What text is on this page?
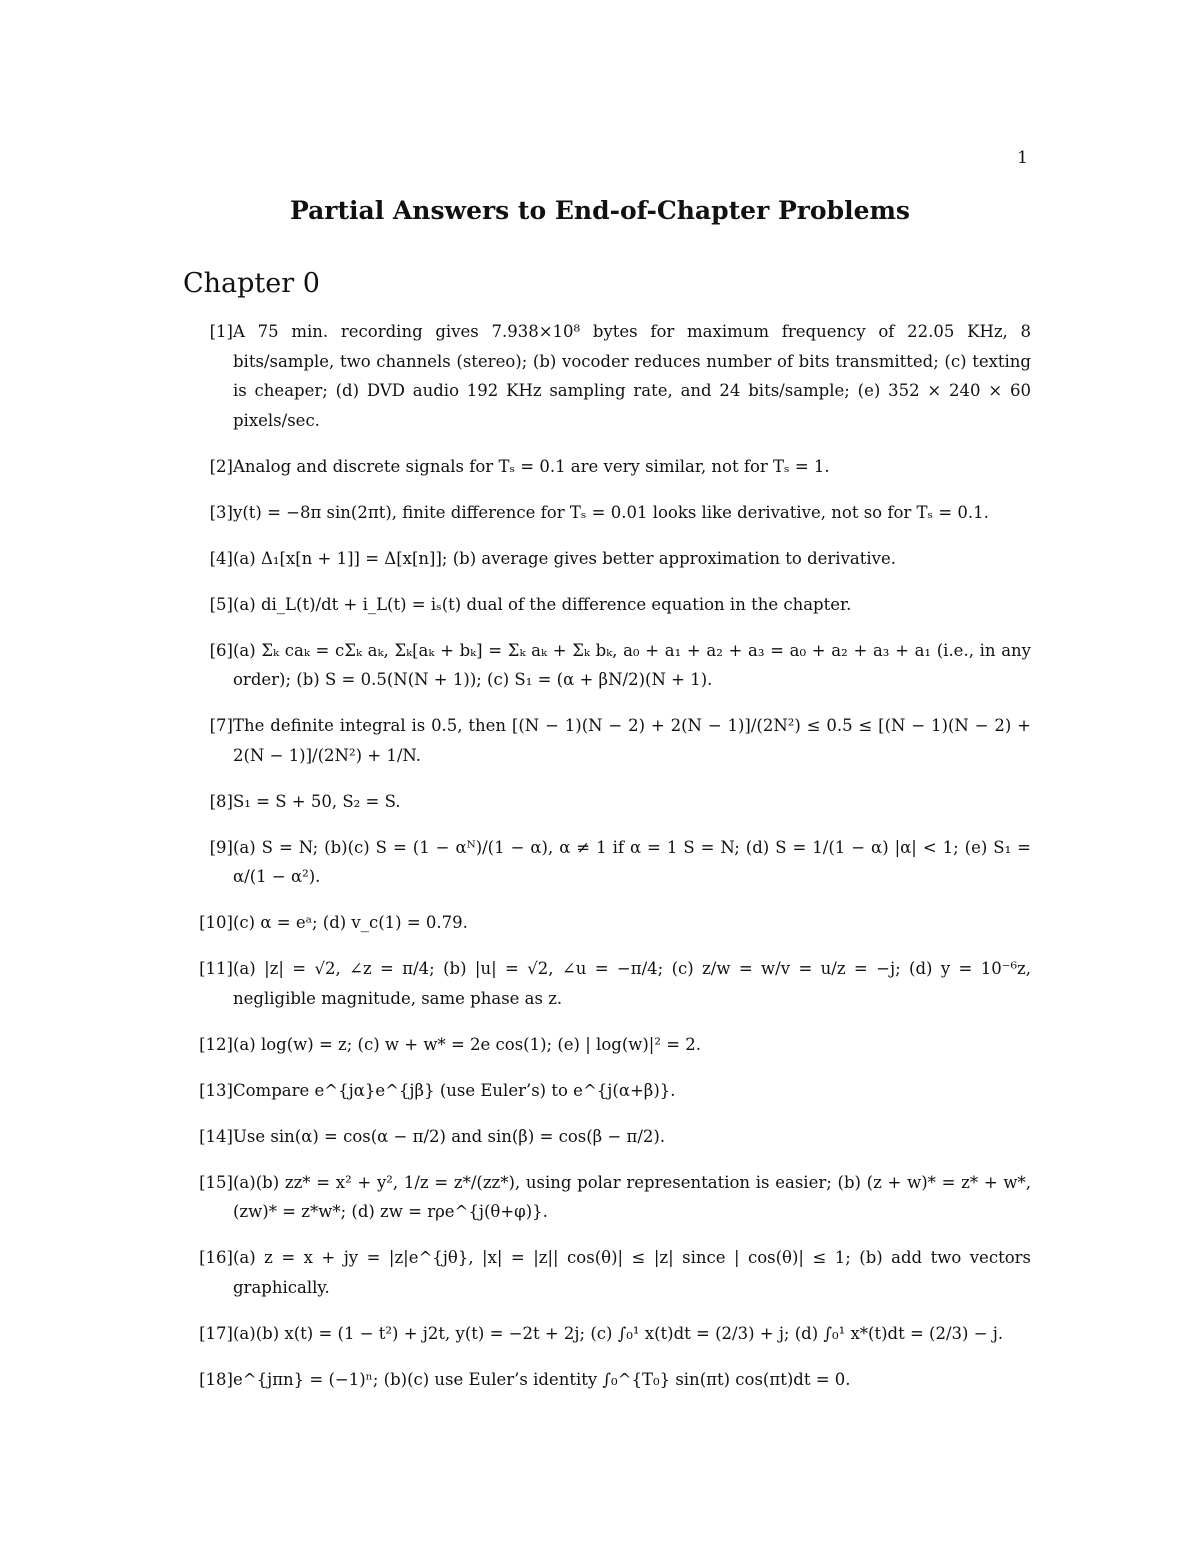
1
Partial Answers to End-of-Chapter Problems
Chapter 0
[1] A 75 min. recording gives 7.938×10⁸ bytes for maximum frequency of 22.05 KHz, 8 bits/sample, two channels (stereo); (b) vocoder reduces number of bits transmitted; (c) texting is cheaper; (d) DVD audio 192 KHz sampling rate, and 24 bits/sample; (e) 352 × 240 × 60 pixels/sec.
[2] Analog and discrete signals for Tₛ = 0.1 are very similar, not for Tₛ = 1.
[3] y(t) = −8π sin(2πt), finite difference for Tₛ = 0.01 looks like derivative, not so for Tₛ = 0.1.
[4] (a) Δ₁[x[n + 1]] = Δ[x[n]]; (b) average gives better approximation to derivative.
[5] (a) di_L(t)/dt + i_L(t) = iₛ(t) dual of the difference equation in the chapter.
[6] (a) Σₖ caₖ = cΣₖ aₖ, Σₖ[aₖ + bₖ] = Σₖ aₖ + Σₖ bₖ, a₀ + a₁ + a₂ + a₃ = a₀ + a₂ + a₃ + a₁ (i.e., in any order); (b) S = 0.5(N(N + 1)); (c) S₁ = (α + βN/2)(N + 1).
[7] The definite integral is 0.5, then [(N − 1)(N − 2) + 2(N − 1)]/(2N²) ≤ 0.5 ≤ [(N − 1)(N − 2) + 2(N − 1)]/(2N²) + 1/N.
[8] S₁ = S + 50, S₂ = S.
[9] (a) S = N; (b)(c) S = (1 − αᴺ)/(1 − α), α ≠ 1 if α = 1 S = N; (d) S = 1/(1 − α) |α| < 1; (e) S₁ = α/(1 − α²).
[10] (c) α = eᵃ; (d) v_c(1) = 0.79.
[11] (a) |z| = √2, ∠z = π/4; (b) |u| = √2, ∠u = −π/4; (c) z/w = w/v = u/z = −j; (d) y = 10⁻⁶z, negligible magnitude, same phase as z.
[12] (a) log(w) = z; (c) w + w* = 2e cos(1); (e) | log(w)|² = 2.
[13] Compare e^{jα}e^{jβ} (use Euler’s) to e^{j(α+β)}.
[14] Use sin(α) = cos(α − π/2) and sin(β) = cos(β − π/2).
[15] (a)(b) zz* = x² + y², 1/z = z*/(zz*), using polar representation is easier; (b) (z + w)* = z* + w*, (zw)* = z*w*; (d) zw = rρe^{j(θ+φ)}.
[16] (a) z = x + jy = |z|e^{jθ}, |x| = |z|| cos(θ)| ≤ |z| since | cos(θ)| ≤ 1; (b) add two vectors graphically.
[17] (a)(b) x(t) = (1 − t²) + j2t, y(t) = −2t + 2j; (c) ∫₀¹ x(t)dt = (2/3) + j; (d) ∫₀¹ x*(t)dt = (2/3) − j.
[18] e^{jπn} = (−1)ⁿ; (b)(c) use Euler’s identity ∫₀^{T₀} sin(πt) cos(πt)dt = 0.
